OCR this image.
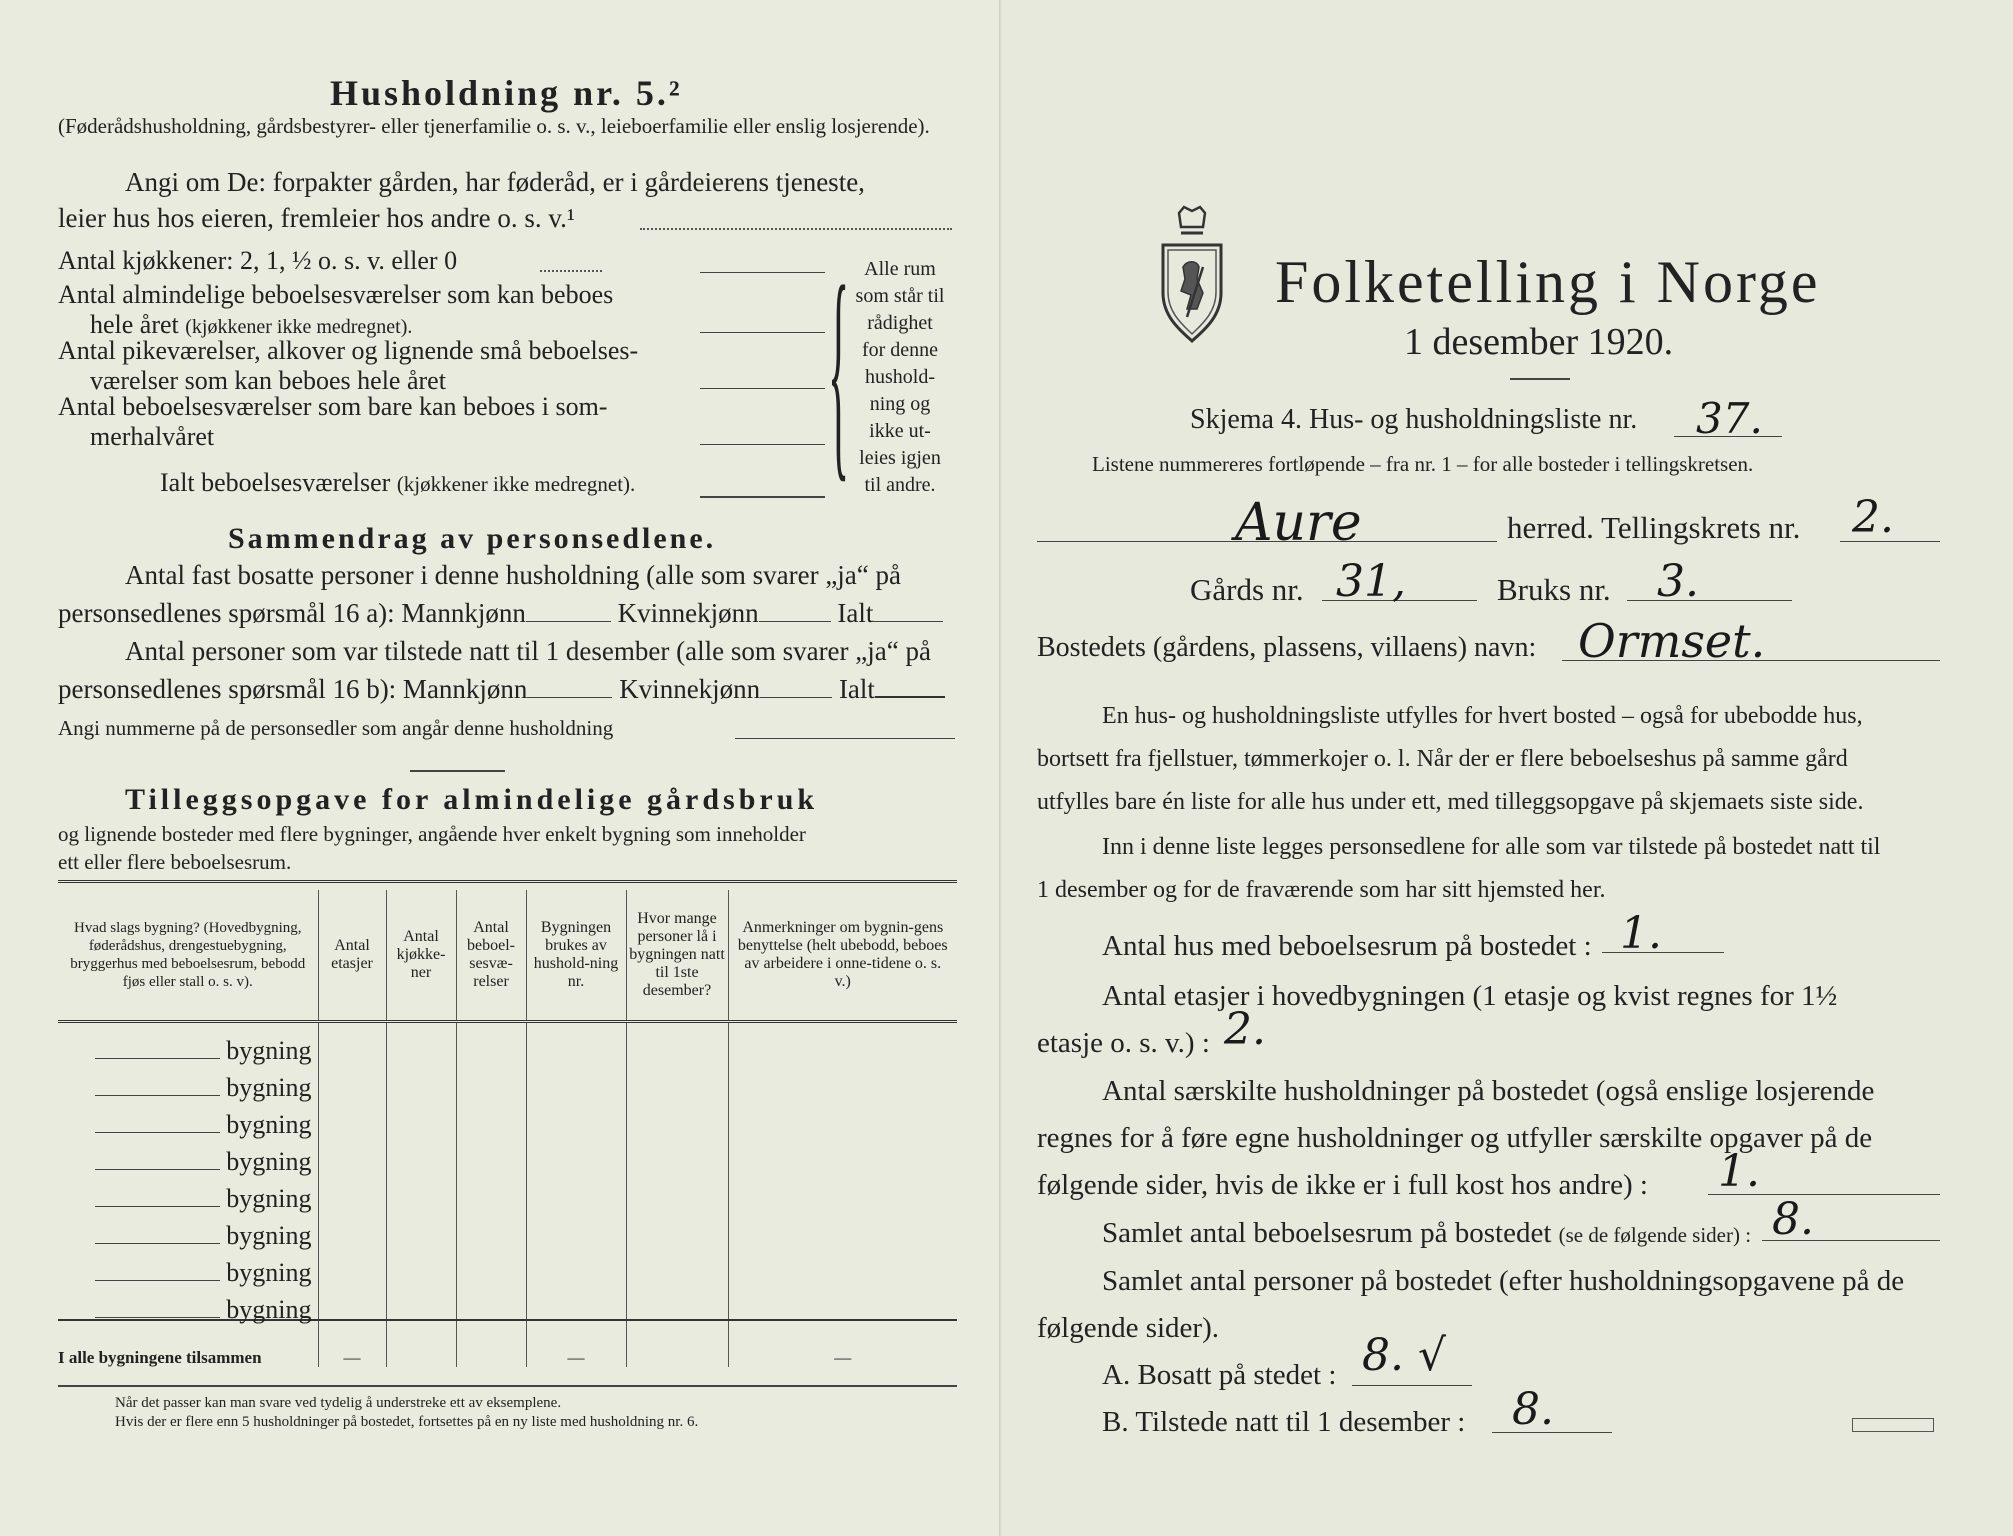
Husholdning nr. 5.²
(Føderådshusholdning, gårdsbestyrer- eller tjenerfamilie o. s. v., leieboerfamilie eller enslig losjerende).
Angi om De: forpakter gården, har føderåd, er i gårdeierens tjeneste,
leier hus hos eieren, fremleier hos andre o. s. v.¹
Antal kjøkkener: 2, 1, ½ o. s. v. eller 0
Antal almindelige beboelsesværelser som kan beboes
hele året (kjøkkener ikke medregnet).
Antal pikeværelser, alkover og lignende små beboelses-
værelser som kan beboes hele året
Antal beboelsesværelser som bare kan beboes i som-
merhalvåret
Ialt beboelsesværelser (kjøkkener ikke medregnet).	{ Alle rum
som står til
rådighet
for denne
hushold-
ning og
ikke ut-
leies igjen
til andre.
Sammendrag av personsedlene.
Antal fast bosatte personer i denne husholdning (alle som svarer „ja“ på
personsedlenes spørsmål 16 a): Mannkjønn	Kvinnekjønn	Ialt
Antal personer som var tilstede natt til 1 desember (alle som svarer „ja“ på
personsedlenes spørsmål 16 b): Mannkjønn	Kvinnekjønn	Ialt
Angi nummerne på de personsedler som angår denne husholdning
Tilleggsopgave for almindelige gårdsbruk
og lignende bosteder med flere bygninger, angående hver enkelt bygning som inneholder
ett eller flere beboelsesrum.
Hvad slags bygning? (Hovedbygning, føderådshus, drengestuebygning, bryggerhus med beboelsesrum, bebodd fjøs eller stall o. s. v).	Antal etasjer	Antal kjøkke-ner	Antal beboel-sesvæ-relser	Bygningen brukes av hushold-ning nr.	Hvor mange personer lå i bygningen natt til 1ste desember?	Anmerkninger om bygnin-gens benyttelse (helt ubebodd, beboes av arbeidere i onne-tidene o. s. v.)
bygning						
bygning						
bygning						
bygning						
bygning						
bygning						
bygning						
bygning						
I alle bygningene tilsammen	—			—		—
Når det passer kan man svare ved tydelig å understreke ett av eksemplene.
Hvis der er flere enn 5 husholdninger på bostedet, fortsettes på en ny liste med husholdning nr. 6.
Folketelling i Norge
1 desember 1920.
Skjema 4. Hus- og husholdningsliste nr. 37.
Listene nummereres fortløpende – fra nr. 1 – for alle bosteder i tellingskretsen.
Aure	herred. Tellingskrets nr. 2.
Gårds nr. 31,	Bruks nr. 3.
Bostedets (gårdens, plassens, villaens) navn: Ormset.
En hus- og husholdningsliste utfylles for hvert bosted – også for ubebodde hus,
bortsett fra fjellstuer, tømmerkojer o. l. Når der er flere beboelseshus på samme gård
utfylles bare én liste for alle hus under ett, med tilleggsopgave på skjemaets siste side.
Inn i denne liste legges personsedlene for alle som var tilstede på bostedet natt til
1 desember og for de fraværende som har sitt hjemsted her.
Antal hus med beboelsesrum på bostedet : 1.
Antal etasjer i hovedbygningen (1 etasje og kvist regnes for 1½
etasje o. s. v.) : 2.
Antal særskilte husholdninger på bostedet (også enslige losjerende
regnes for å føre egne husholdninger og utfyller særskilte opgaver på de
følgende sider, hvis de ikke er i full kost hos andre) : 1.
Samlet antal beboelsesrum på bostedet (se de følgende sider) : 8.
Samlet antal personer på bostedet (efter husholdningsopgavene på de
følgende sider).
A. Bosatt på stedet : 8. √
B. Tilstede natt til 1 desember : 8.
